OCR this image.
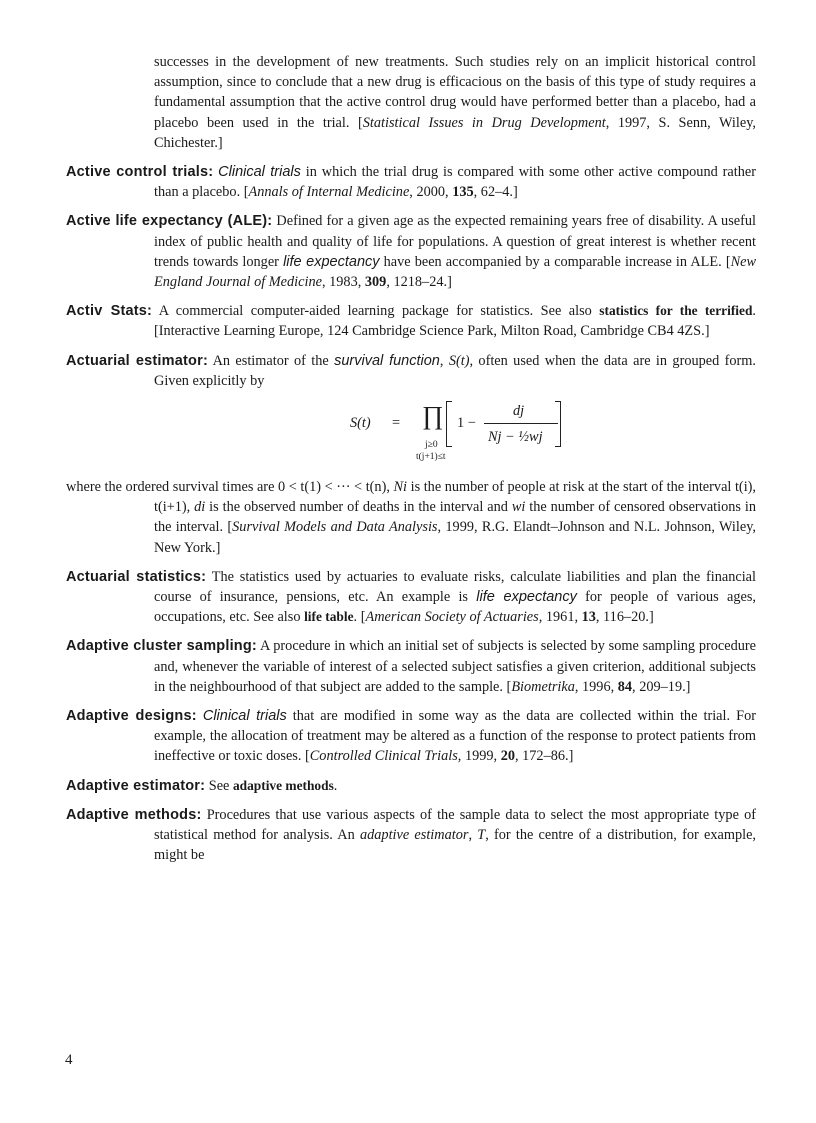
successes in the development of new treatments. Such studies rely on an implicit historical control assumption, since to conclude that a new drug is efficacious on the basis of this type of study requires a fundamental assumption that the active control drug would have performed better than a placebo, had a placebo been used in the trial. [Statistical Issues in Drug Development, 1997, S. Senn, Wiley, Chichester.]

Active control trials: Clinical trials in which the trial drug is compared with some other active compound rather than a placebo. [Annals of Internal Medicine, 2000, 135, 62–4.]

Active life expectancy (ALE): Defined for a given age as the expected remaining years free of disability. A useful index of public health and quality of life for populations. A question of great interest is whether recent trends towards longer life expectancy have been accompanied by a comparable increase in ALE. [New England Journal of Medicine, 1983, 309, 1218–24.]

Activ Stats: A commercial computer-aided learning package for statistics. See also statistics for the terrified. [Interactive Learning Europe, 124 Cambridge Science Park, Milton Road, Cambridge CB4 4ZS.]

Actuarial estimator: An estimator of the survival function, S(t), often used when the data are in grouped form. Given explicitly by
S(t) = ∏
j≥0
t(j+1)≤t
1 −
dj
Nj − ½wj
where the ordered survival times are 0 < t(1) < ··· < t(n), Ni is the number of people at risk at the start of the interval t(i), t(i+1), di is the observed number of deaths in the interval and wi the number of censored observations in the interval. [Survival Models and Data Analysis, 1999, R.G. Elandt–Johnson and N.L. Johnson, Wiley, New York.]

Actuarial statistics: The statistics used by actuaries to evaluate risks, calculate liabilities and plan the financial course of insurance, pensions, etc. An example is life expectancy for people of various ages, occupations, etc. See also life table. [American Society of Actuaries, 1961, 13, 116–20.]

Adaptive cluster sampling: A procedure in which an initial set of subjects is selected by some sampling procedure and, whenever the variable of interest of a selected subject satisfies a given criterion, additional subjects in the neighbourhood of that subject are added to the sample. [Biometrika, 1996, 84, 209–19.]

Adaptive designs: Clinical trials that are modified in some way as the data are collected within the trial. For example, the allocation of treatment may be altered as a function of the response to protect patients from ineffective or toxic doses. [Controlled Clinical Trials, 1999, 20, 172–86.]

Adaptive estimator: See adaptive methods.

Adaptive methods: Procedures that use various aspects of the sample data to select the most appropriate type of statistical method for analysis. An adaptive estimator, T, for the centre of a distribution, for example, might be

4
